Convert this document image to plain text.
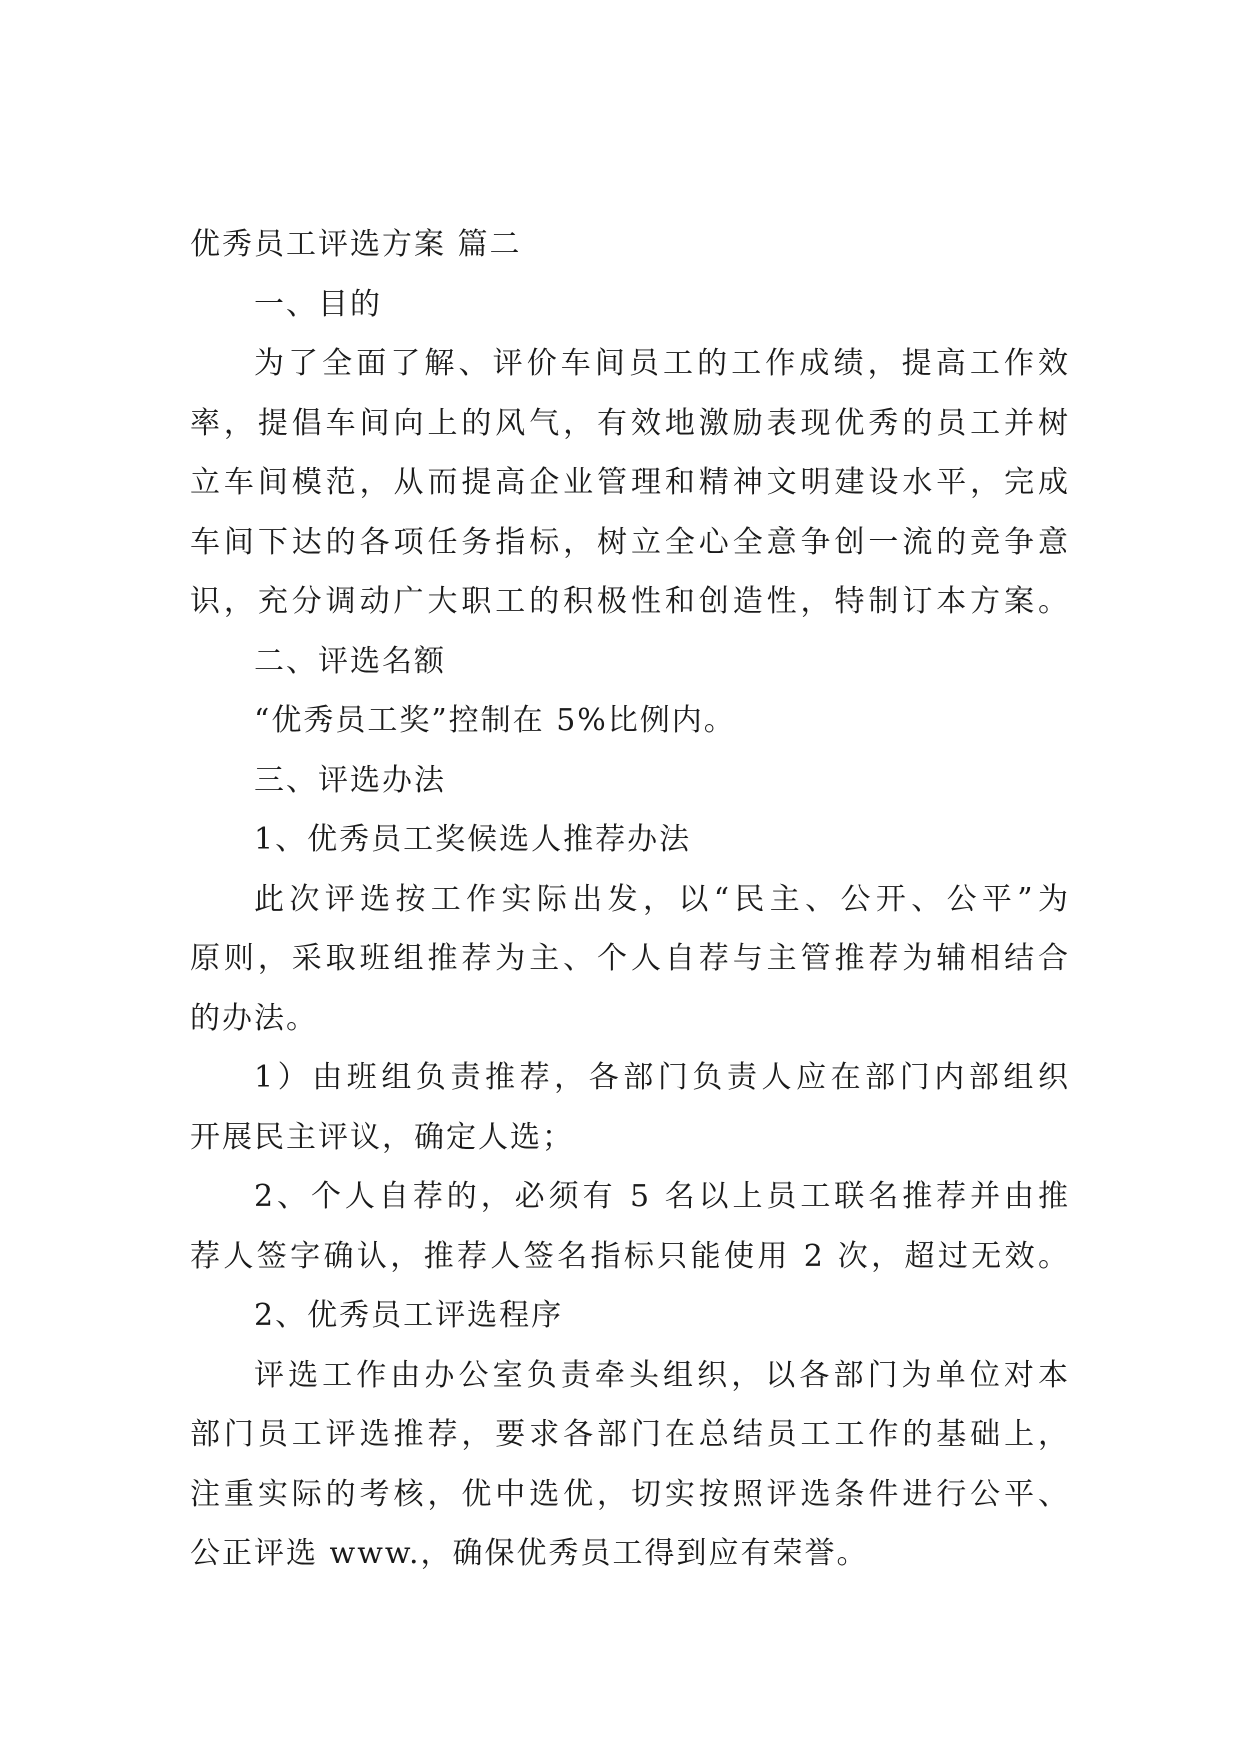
优秀员工评选方案 篇二
一、目的
为了全面了解、评价车间员工的工作成绩，提高工作效
率，提倡车间向上的风气，有效地激励表现优秀的员工并树
立车间模范，从而提高企业管理和精神文明建设水平，完成
车间下达的各项任务指标，树立全心全意争创一流的竞争意
识，充分调动广大职工的积极性和创造性，特制订本方案。
二、评选名额
“优秀员工奖”控制在 5%比例内。
三、评选办法
1、优秀员工奖候选人推荐办法
此次评选按工作实际出发，以“民主、公开、公平”为
原则，采取班组推荐为主、个人自荐与主管推荐为辅相结合
的办法。
1）由班组负责推荐，各部门负责人应在部门内部组织
开展民主评议，确定人选；
2、个人自荐的，必须有 5 名以上员工联名推荐并由推
荐人签字确认，推荐人签名指标只能使用 2 次，超过无效。
2、优秀员工评选程序
评选工作由办公室负责牵头组织，以各部门为单位对本
部门员工评选推荐，要求各部门在总结员工工作的基础上，
注重实际的考核，优中选优，切实按照评选条件进行公平、
公正评选 www.，确保优秀员工得到应有荣誉。
